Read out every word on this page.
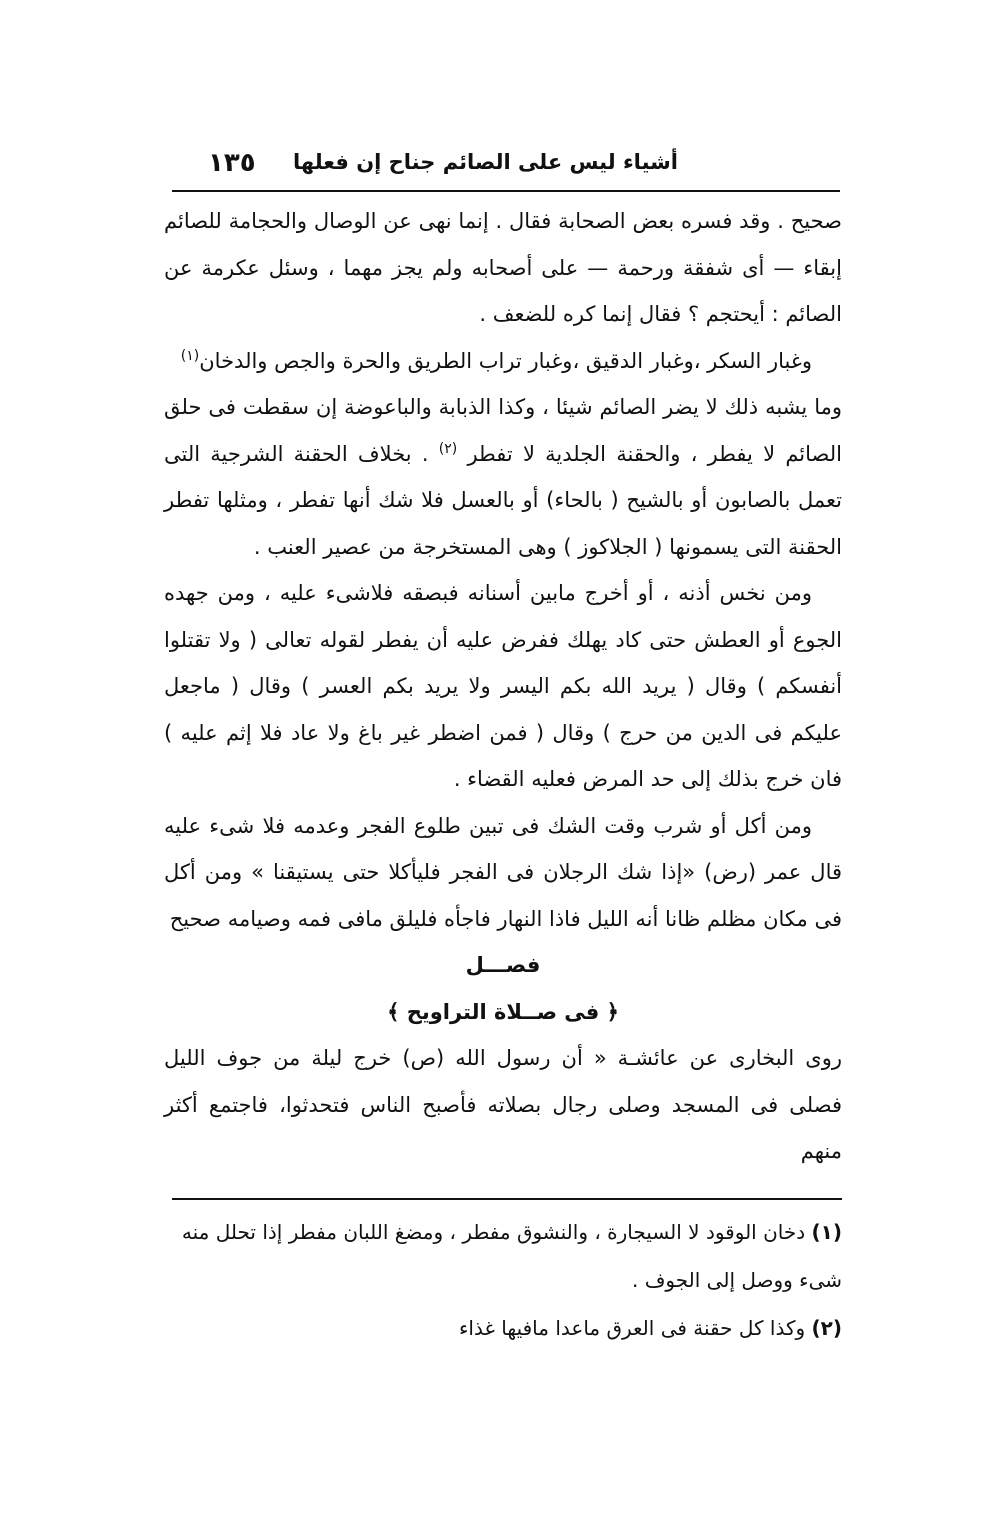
أشياء ليس على الصائم جناح إن فعلها
١٣٥

صحيح . وقد فسره بعض الصحابة فقال . إنما نهى عن الوصال والحجامة للصائم إبقاء — أى شفقة ورحمة — على أصحابه ولم يجز مهما ، وسئل عكرمة عن الصائم : أيحتجم ؟ فقال إنما كره للضعف .

وغبار السكر ،وغبار الدقيق ،وغبار تراب الطريق والحرة والجص والدخان$^{(١)}$

وما يشبه ذلك لا يضر الصائم شيئا ، وكذا الذبابة والباعوضة إن سقطت فى حلق الصائم لا يفطر ، والحقنة الجلدية لا تفطر $^{(٢)}$ . بخلاف الحقنة الشرجية التى تعمل بالصابون أو بالشيح ( بالحاء) أو بالعسل فلا شك أنها تفطر ، ومثلها تفطر الحقنة التى يسمونها ( الجلاكوز ) وهى المستخرجة من عصير العنب .

ومن نخس أذنه ، أو أخرج مابين أسنانه فبصقه فلاشىء عليه ، ومن جهده الجوع أو العطش حتى كاد يهلك ففرض عليه أن يفطر لقوله تعالى ( ولا تقتلوا أنفسكم ) وقال ( يريد الله بكم اليسر ولا يريد بكم العسر ) وقال ( ماجعل عليكم فى الدين من حرج ) وقال ( فمن اضطر غير باغ ولا عاد فلا إثم عليه ) فان خرج بذلك إلى حد المرض فعليه القضاء .

ومن أكل أو شرب وقت الشك فى تبين طلوع الفجر وعدمه فلا شىء عليه قال عمر (رض) «إذا شك الرجلان فى الفجر فليأكلا حتى يستيقنا » ومن أكل فى مكان مظلم ظانا أنه الليل فاذا النهار فاجأه فليلق مافى فمه وصيامه صحيح

فصـــل

﴿ فى صــلاة التراويح ﴾

روى البخارى عن عائشـة « أن رسول الله (ص) خرج ليلة من جوف الليل فصلى فى المسجد وصلى رجال بصلاته فأصبح الناس فتحدثوا، فاجتمع أكثر منهم

(١) دخان الوقود لا السيجارة ، والنشوق مفطر ، ومضغ اللبان مفطر إذا تحلل منه شىء ووصل إلى الجوف .

(٢) وكذا كل حقنة فى العرق ماعدا مافيها غذاء
